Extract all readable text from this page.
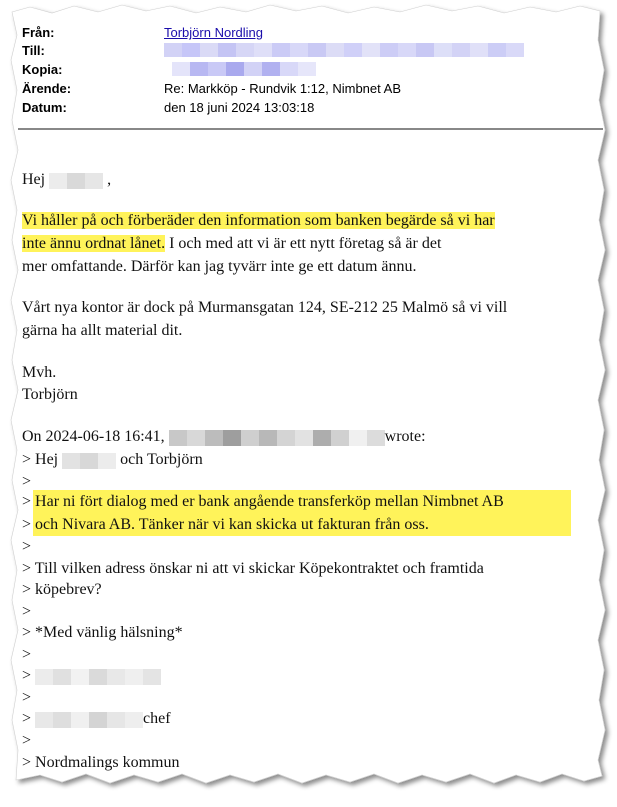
Från:	Torbjörn Nordling
Till:
Kopia:
Ärende:	Re: Markköp - Rundvik 1:12, Nimbnet AB
Datum:	den 18 juni 2024 13:03:18
Hej	,
Vi håller på och förberäder den information som banken begärde så vi har
inte ännu ordnat lånet. I och med att vi är ett nytt företag så är det
mer omfattande. Därför kan jag tyvärr inte ge ett datum ännu.
Vårt nya kontor är dock på Murmansgatan 124, SE-212 25 Malmö så vi vill
gärna ha allt material dit.
Mvh.
Torbjörn
On 2024-06-18 16:41,	wrote:
> Hej	och Torbjörn
>
> Har ni fört dialog med er bank angående transferköp mellan Nimbnet AB
> och Nivara AB. Tänker när vi kan skicka ut fakturan från oss.
>
> Till vilken adress önskar ni att vi skickar Köpekontraktet och framtida
> köpebrev?
>
> *Med vänlig hälsning*
>
>
>
>	chef
>
> Nordmalings kommun
